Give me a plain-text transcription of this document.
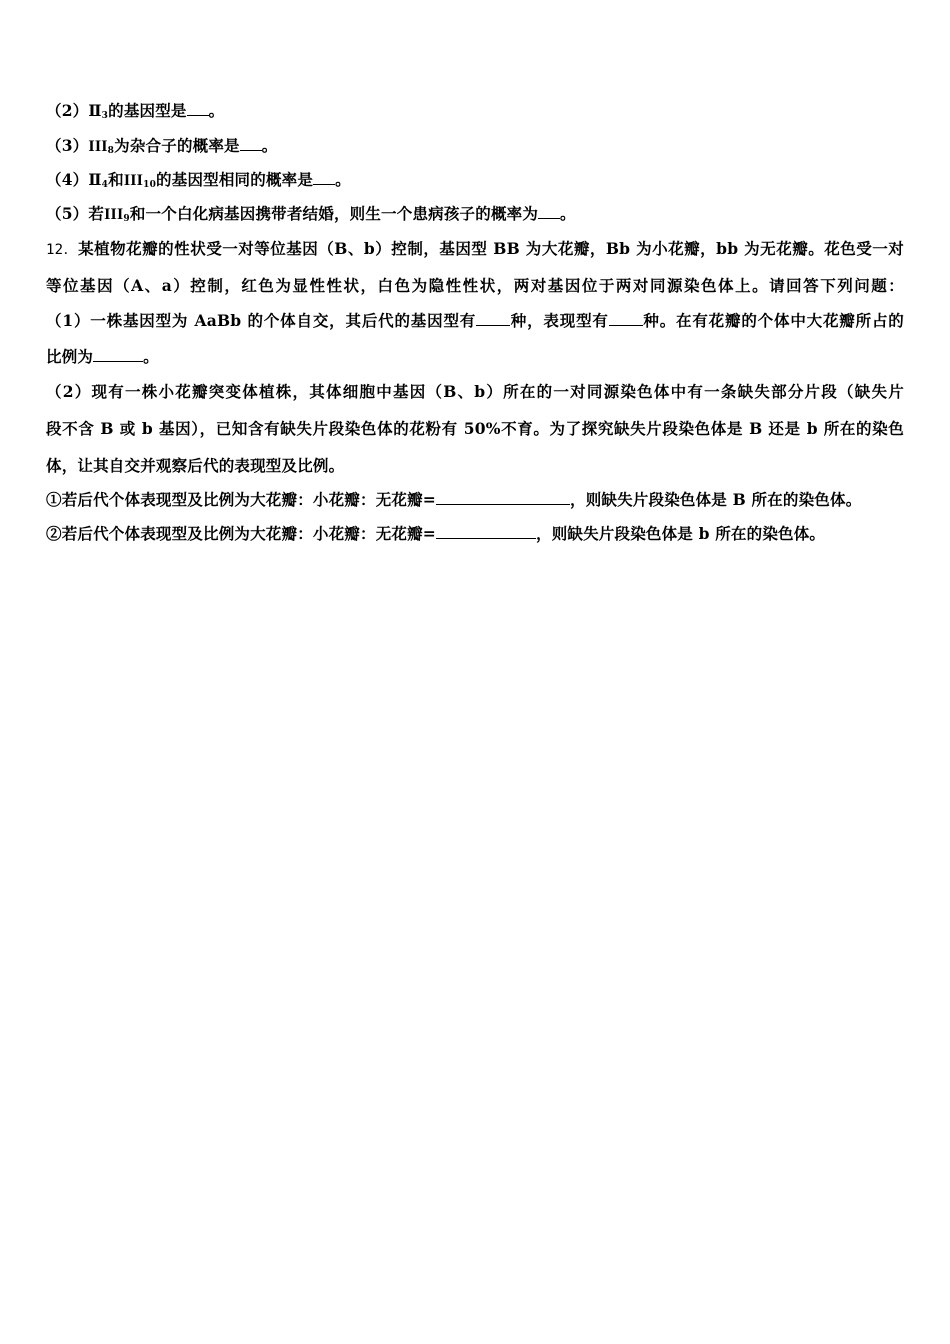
$(2)Ⅱ_3$的基因型是 。
$(3)III_8$为杂合子的概率是 。
$(4)Ⅱ_4$和$III_{10}$的基因型相同的概率是 。
（5）若$III_9$和一个白化病基因携带者结婚，则生一个患病孩子的概率为 。
12．某植物花瓣的性状受一对等位基因（B、b）控制，基因型 BB 为大花瓣，Bb 为小花瓣，bb 为无花瓣。花色受一对
等位基因（A、a）控制，红色为显性性状，白色为隐性性状，两对基因位于两对同源染色体上。请回答下列问题：
（1）一株基因型为 AaBb 的个体自交，其后代的基因型有 种，表现型有 种。在有花瓣的个体中大花瓣所占的
比例为	。
（2）现有一株小花瓣突变体植株，其体细胞中基因（B、b）所在的一对同源染色体中有一条缺失部分片段（缺失片
段不含 B 或 b 基因），已知含有缺失片段染色体的花粉有 50%不育。为了探究缺失片段染色体是 B 还是 b 所在的染色
体，让其自交并观察后代的表现型及比例。
①若后代个体表现型及比例为大花瓣：小花瓣：无花瓣=	，则缺失片段染色体是 B 所在的染色体。
②若后代个体表现型及比例为大花瓣：小花瓣：无花瓣=	，则缺失片段染色体是 b 所在的染色体。
